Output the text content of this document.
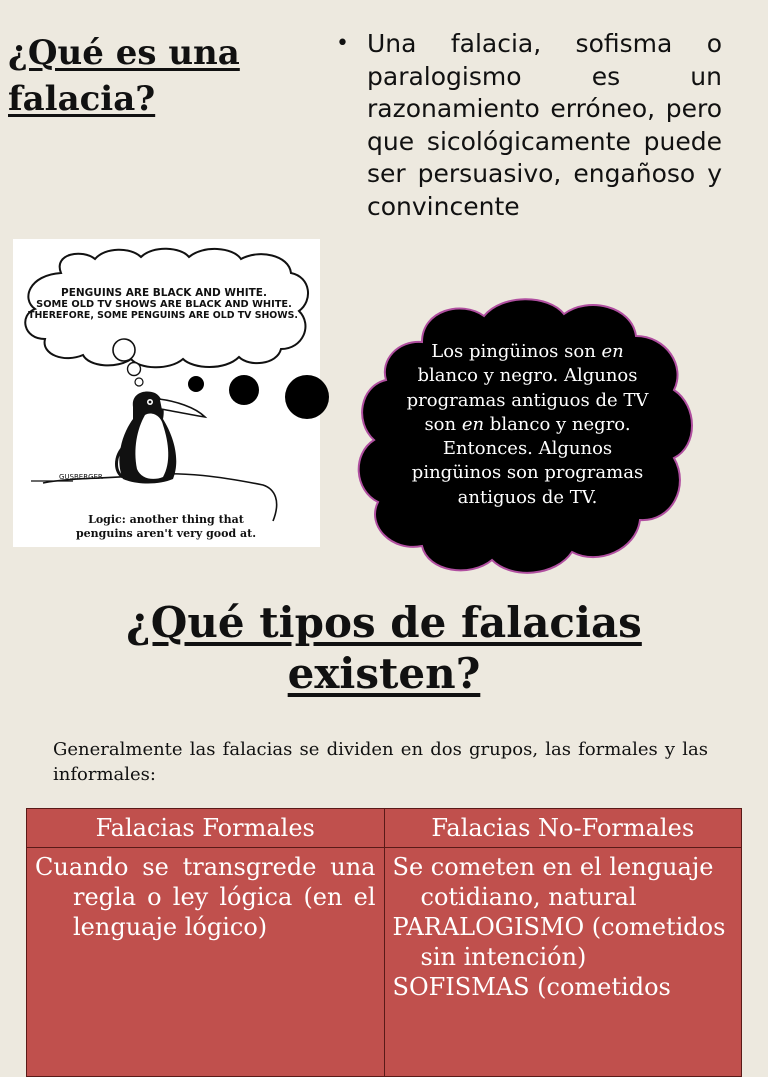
¿Qué es una falacia?
• Una falacia, sofisma o paralogismo es un razonamiento erróneo, pero que sicológicamente puede ser persuasivo, engañoso y convincente
PENGUINS ARE BLACK AND WHITE.
SOME OLD TV SHOWS ARE BLACK AND WHITE.
THEREFORE, SOME PENGUINS ARE OLD TV SHOWS.
GUSBERGER
Logic: another thing that
penguins aren't very good at.
Los pingüinos son en blanco y negro. Algunos programas antiguos de TV son en blanco y negro. Entonces. Algunos pingüinos son programas antiguos de TV.
¿Qué tipos de falacias existen?

Generalmente las falacias se dividen en dos grupos, las formales y las informales:

Falacias Formales	Falacias No-Formales
Cuando se transgrede una regla o ley lógica (en el lenguaje lógico)	Se cometen en el lenguaje cotidiano, natural
PARALOGISMO (cometidos sin intención)
SOFISMAS (cometidos
